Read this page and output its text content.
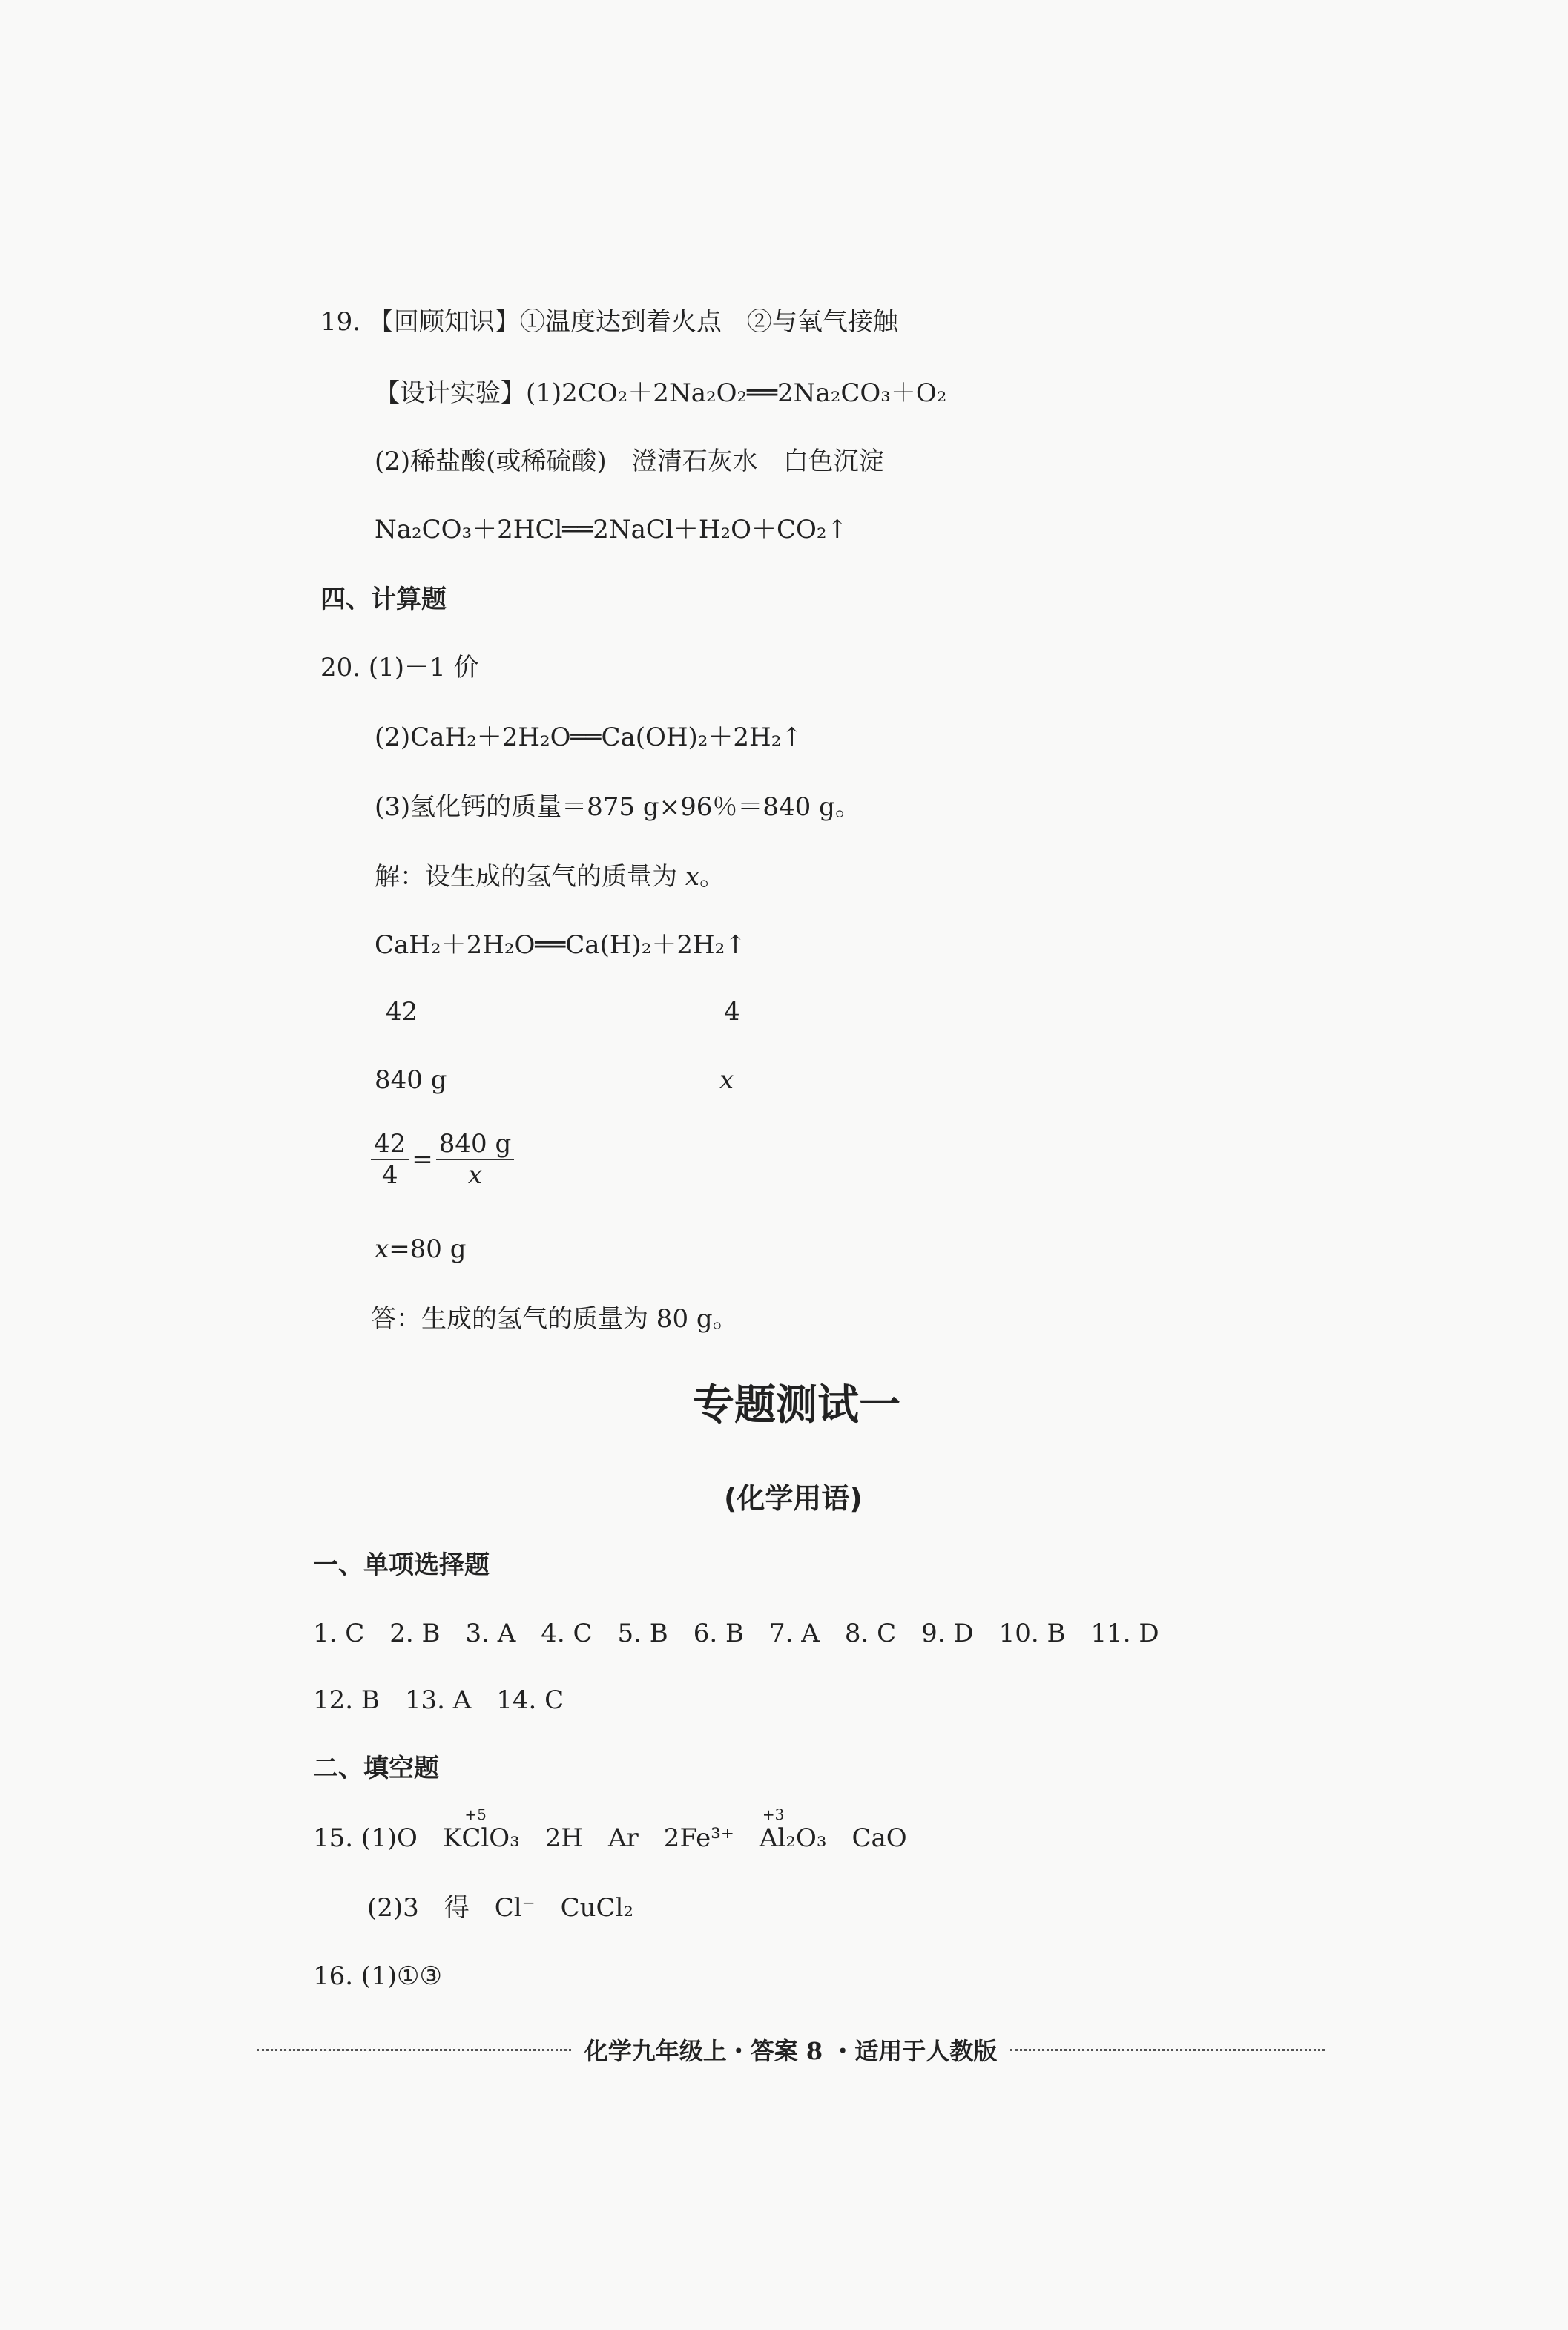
19. 【回顾知识】①温度达到着火点　②与氧气接触
【设计实验】(1)2CO₂＋2Na₂O₂══2Na₂CO₃＋O₂
(2)稀盐酸(或稀硫酸)　澄清石灰水　白色沉淀
Na₂CO₃＋2HCl══2NaCl＋H₂O＋CO₂↑
四、计算题
20. (1)－1 价
(2)CaH₂＋2H₂O══Ca(OH)₂＋2H₂↑
(3)氢化钙的质量＝875 g×96％＝840 g。
解：设生成的氢气的质量为 x。
CaH₂＋2H₂O══Ca(H)₂＋2H₂↑
42	4
840 g	x
$\frac{42}{4} = \frac{840 g}{x}$
x=80 g
答：生成的氢气的质量为 80 g。
专题测试一
(化学用语)
一、单项选择题
1. C　2. B　3. A　4. C　5. B　6. B　7. A　8. C　9. D　10. B　11. D
12. B　13. A　14. C
二、填空题
15. (1)O　K
+5
ClO₃　2H　Ar　2Fe³⁺　
+3
Al₂O₃　CaO
(2)3　得　Cl⁻　CuCl₂
16. (1)①③
化学九年级上・答案 8 ・适用于人教版
